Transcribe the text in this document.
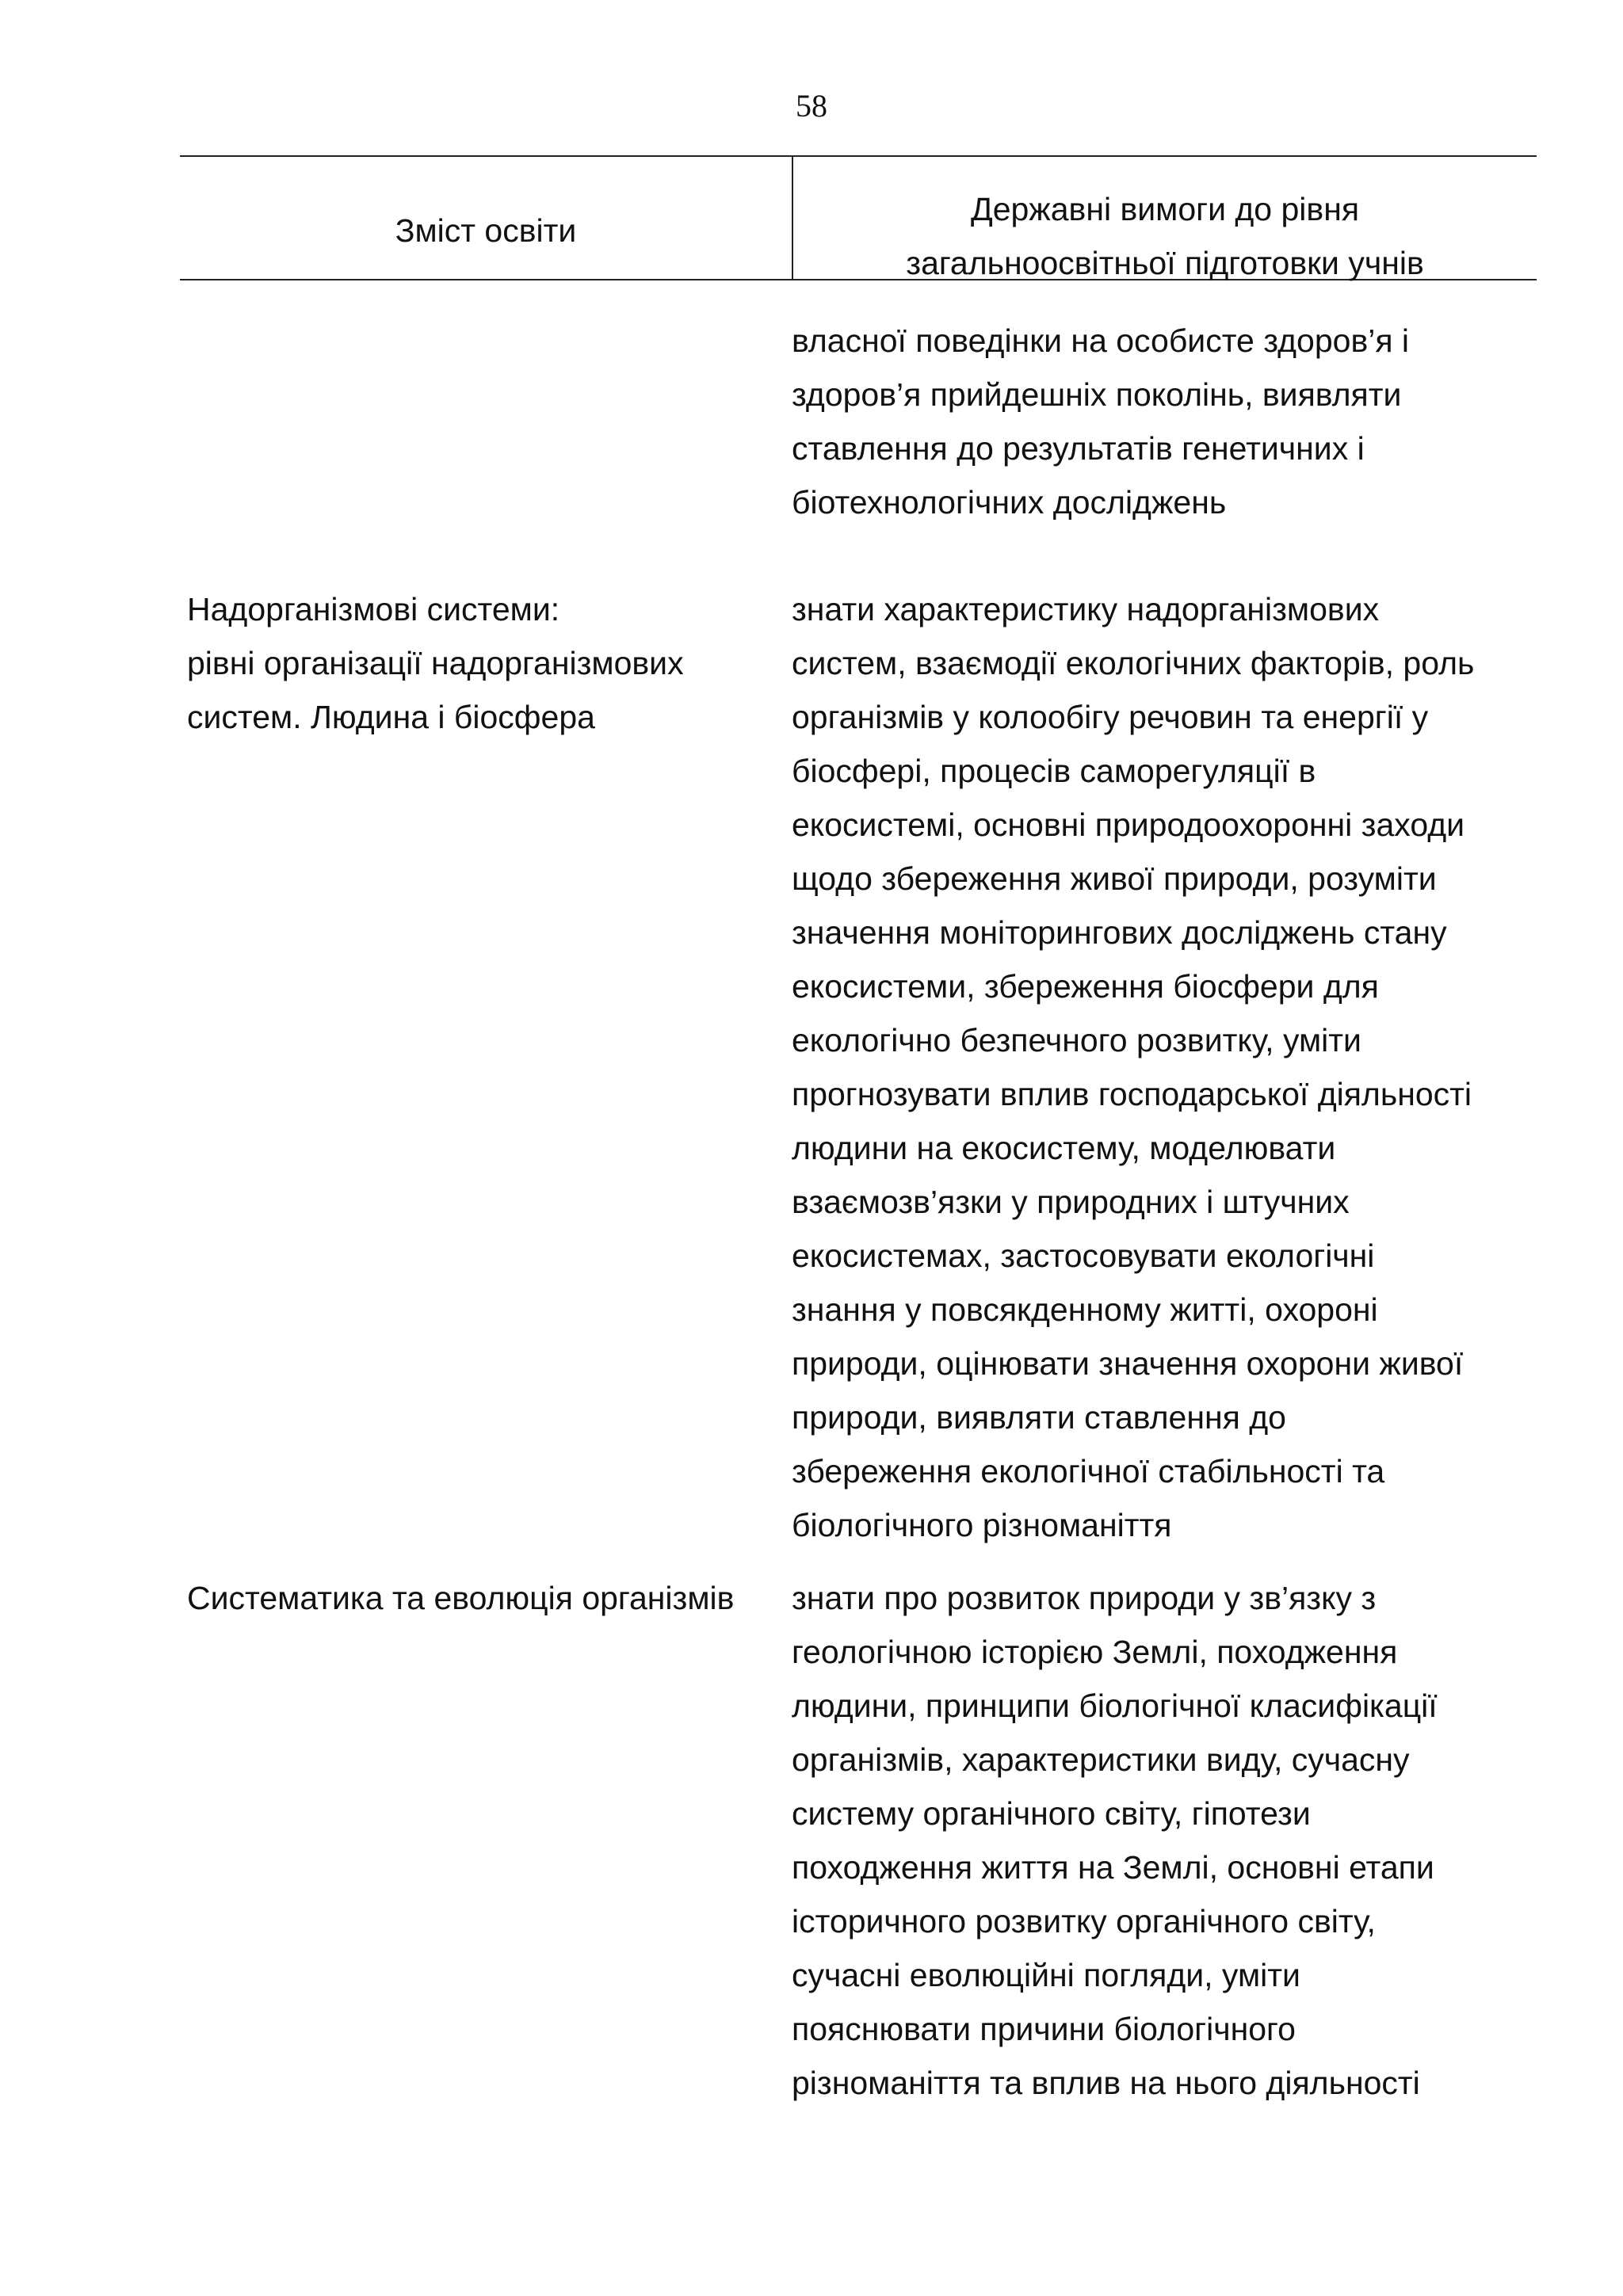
58
Зміст освіти
Державні вимоги до рівня
загальноосвітньої підготовки учнів
власної поведінки на особисте здоров’я і
здоров’я прийдешніх поколінь, виявляти
ставлення до результатів генетичних і
біотехнологічних досліджень
Надорганізмові системи:
рівні організації надорганізмових
систем. Людина і біосфера
знати характеристику надорганізмових
систем, взаємодії екологічних факторів, роль
організмів у колообігу речовин та енергії у
біосфері, процесів саморегуляції в
екосистемі, основні природоохоронні заходи
щодо збереження живої природи, розуміти
значення моніторингових досліджень стану
екосистеми, збереження біосфери для
екологічно безпечного розвитку, уміти
прогнозувати вплив господарської діяльності
людини на екосистему, моделювати
взаємозв’язки у природних і штучних
екосистемах, застосовувати екологічні
знання у повсякденному житті, охороні
природи, оцінювати значення охорони живої
природи, виявляти ставлення до
збереження екологічної стабільності та
біологічного різноманіття
Систематика та еволюція організмів	знати про розвиток природи у зв’язку з
геологічною історією Землі, походження
людини, принципи біологічної класифікації
організмів, характеристики виду, сучасну
систему органічного світу, гіпотези
походження життя на Землі, основні етапи
історичного розвитку органічного світу,
сучасні еволюційні погляди, уміти
пояснювати причини біологічного
різноманіття та вплив на нього діяльності
